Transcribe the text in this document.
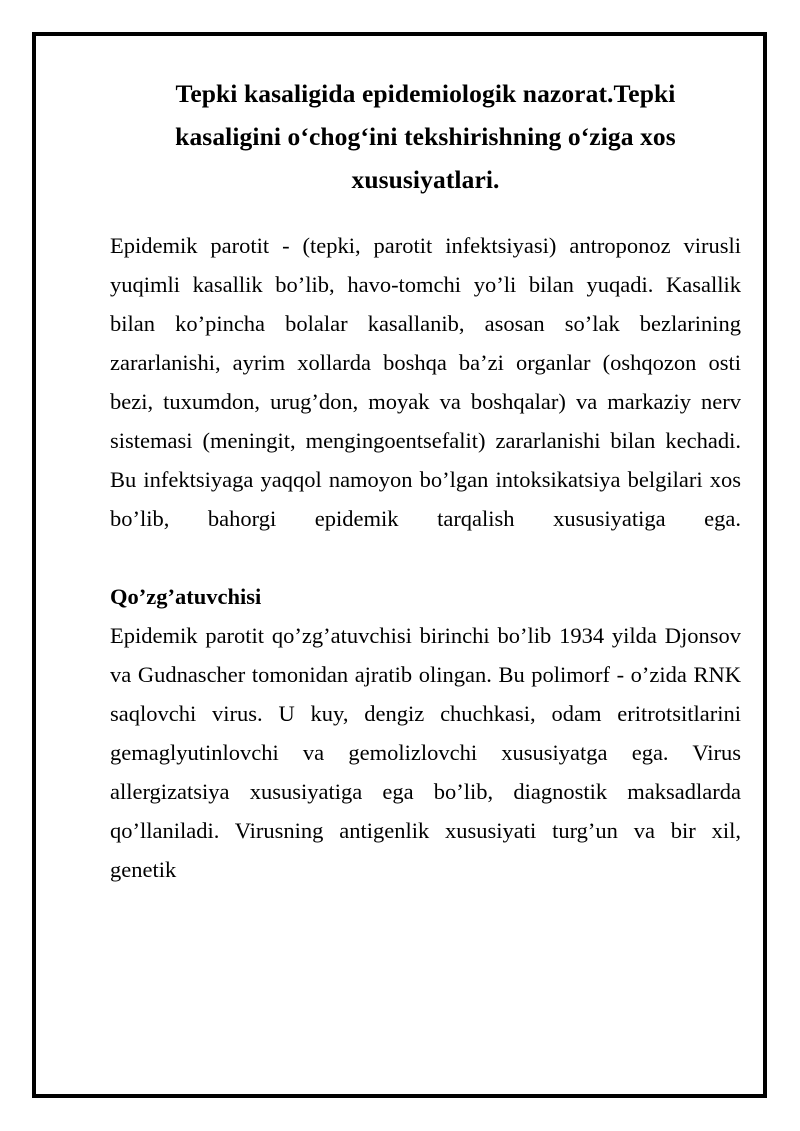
Tepki kasaligida epidemiologik nazorat.Tepki kasaligini oʻchogʻini tekshirishning oʻziga xos xususiyatlari.

Epidemik parotit - (tepki, parotit infektsiyasi) antroponoz virusli yuqimli kasallik bo’lib, havo-tomchi yo’li bilan yuqadi. Kasallik bilan ko’pincha bolalar kasallanib, asosan so’lak bezlarining zararlanishi, ayrim xollarda boshqa ba’zi organlar (oshqozon osti bezi, tuxumdon, urug’don, moyak va boshqalar) va markaziy nerv sistemasi (meningit, mengingoentsefalit) zararlanishi bilan kechadi. Bu infektsiyaga yaqqol namoyon bo’lgan intoksikatsiya belgilari xos bo’lib, bahorgi epidemik tarqalish xususiyatiga ega.

Qo’zg’atuvchisi

Epidemik parotit qo’zg’atuvchisi birinchi bo’lib 1934 yilda Djonsov va Gudnascher tomonidan ajratib olingan. Bu polimorf - o’zida RNK saqlovchi virus. U kuy, dengiz chuchkasi, odam eritrotsitlarini gemaglyutinlovchi va gemolizlovchi xususiyatga ega. Virus allergizatsiya xususiyatiga ega bo’lib, diagnostik maksadlarda qo’llaniladi. Virusning antigenlik xususiyati turg’un va bir xil, genetik
